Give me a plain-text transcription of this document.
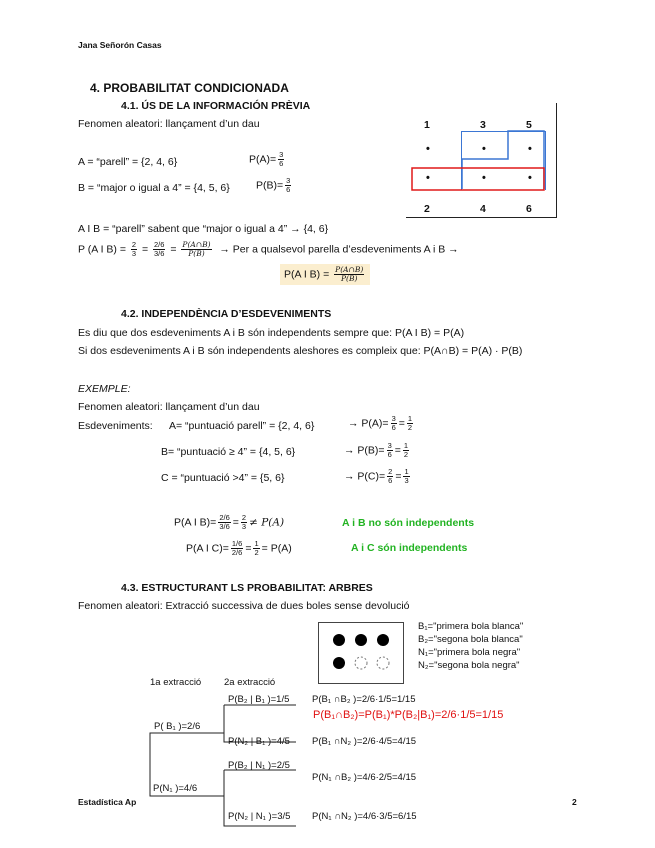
Jana Señorón Casas
4. PROBABILITAT CONDICIONADA
4.1. ÚS DE LA INFORMACIÓN PRÈVIA
Fenomen aleatori: llançament d’un dau
A = “parell” = {2, 4, 6}	$P(A)= \frac{3}{6}$
B = “major o igual a 4” = {4, 5, 6} $P(B)= \frac{3}{6}$
1	3	5
•	•	•
•	•	•
2	4	6
A I B = “parell” sabent que “major o igual a 4” → {4, 6}
P (A I $B) = \frac{2}{3} = \frac{2/6}{3/6} = \frac{P(A\cap B)}{P(B)}$ → Per a qualsevol parella d’esdeveniments A i B →
P(A I $B) = \frac{P(A\cap B)}{P(B)}$
4.2. INDEPENDÈNCIA D’ESDEVENIMENTS
Es diu que dos esdeveniments A i B són independents sempre que: P(A I B) = P(A)
Si dos esdeveniments A i B són independents aleshores es compleix que: P(A∩B) = P(A) · P(B)
EXEMPLE:
Fenomen aleatori: llançament d’un dau
Esdeveniments: A= “puntuació parell” = {2, 4, 6}	→ $P(A)= \frac{3}{6} = \frac{1}{2}$
B= “puntuació ≥ 4” = {4, 5, 6}	→ $P(B)= \frac{3}{6} = \frac{1}{2}$
C = “puntuació >4” = {5, 6}	→ $P(C)= \frac{2}{6} = \frac{1}{3}$
P(A I $B)= \frac{2/6}{3/6} = \frac{2}{3} \ne P(A)$	A i B no són independents
P(A I $C)= \frac{1/6}{2/6} = \frac{1}{2} = P(A)$	A i C són independents
4.3. ESTRUCTURANT LS PROBABILITAT: ARBRES
Fenomen aleatori: Extracció successiva de dues boles sense devolució
B₁="primera bola blanca"
B₂="segona bola blanca"
N₁="primera bola negra"
N₂="segona bola negra"
1a extracció 2a extracció
P( B₁ )=2/6
P(N₁ )=4/6
P(B₂ | B₁ )=1/5
P(N₂ | B₁ )=4/5
P(B₂ | N₁ )=2/5
P(N₂ | N₁ )=3/5
P(B₁ ∩B₂ )=2/6·1/5=1/15
P(B₁∩B₂)=P(B₁)*P(B₂|B₁)=2/6·1/5=1/15
P(B₁ ∩N₂ )=2/6·4/5=4/15
P(N₁ ∩B₂ )=4/6·2/5=4/15
P(N₁ ∩N₂ )=4/6·3/5=6/15
Estadística Ap	2
